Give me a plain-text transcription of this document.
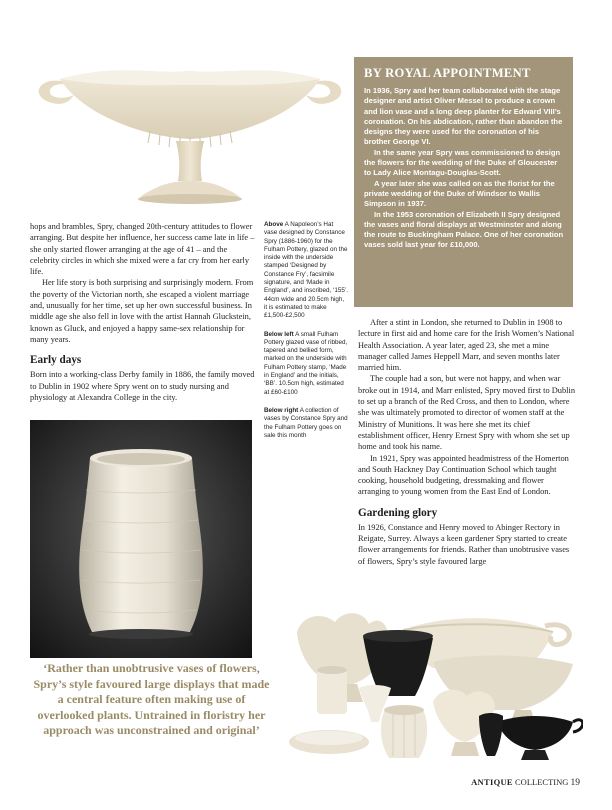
hops and brambles, Spry, changed 20th-century attitudes to flower arranging. But despite her influence, her success came late in life – she only started flower arranging at the age of 41 – and the celebrity circles in which she mixed were a far cry from her early life.

Her life story is both surprising and surprisingly modern. From the poverty of the Victorian north, she escaped a violent marriage and, unusually for her time, set up her own successful business. In middle age she also fell in love with the artist Hannah Gluckstein, known as Gluck, and enjoyed a happy same-sex relationship for many years.

Early days

Born into a working-class Derby family in 1886, the family moved to Dublin in 1902 where Spry went on to study nursing and physiology at Alexandra College in the city.

Above A Napoleon’s Hat vase designed by Constance Spry (1886-1960) for the Fulham Pottery, glazed on the inside with the underside stamped ‘Designed by Constance Fry’, facsimile signature, and ‘Made in England’, and inscribed, ‘155’. 44cm wide and 20.5cm high, it is estimated to make £1,500-£2,500

Below left A small Fulham Pottery glazed vase of ribbed, tapered and bellied form, marked on the underside with Fulham Pottery stamp, ‘Made in England’ and the initials, ‘BB’. 10.5cm high, estimated at £60-£100

Below right A collection of vases by Constance Spry and the Fulham Pottery goes on sale this month

BY ROYAL APPOINTMENT

In 1936, Spry and her team collaborated with the stage designer and artist Oliver Messel to produce a crown and lion vase and a long deep planter for Edward VIII’s coronation. On his abdication, rather than abandon the designs they were used for the coronation of his brother George VI.

In the same year Spry was commissioned to design the flowers for the wedding of the Duke of Gloucester to Lady Alice Montagu-Douglas-Scott.

A year later she was called on as the florist for the private wedding of the Duke of Windsor to Wallis Simpson in 1937.

In the 1953 coronation of Elizabeth II Spry designed the vases and floral displays at Westminster and along the route to Buckingham Palace. One of her coronation vases sold last year for £10,000.

After a stint in London, she returned to Dublin in 1908 to lecture in first aid and home care for the Irish Women’s National Health Association. A year later, aged 23, she met a mine manager called James Heppell Marr, and seven months later married him.

The couple had a son, but were not happy, and when war broke out in 1914, and Marr enlisted, Spry moved first to Dublin to set up a branch of the Red Cross, and then to London, where she was ultimately promoted to director of women staff at the Ministry of Munitions. It was here she met its chief establishment officer, Henry Ernest Spry with whom she set up home and took his name.

In 1921, Spry was appointed headmistress of the Homerton and South Hackney Day Continuation School which taught cooking, household budgeting, dressmaking and flower arranging to young women from the East End of London.

Gardening glory

In 1926, Constance and Henry moved to Abinger Rectory in Reigate, Surrey. Always a keen gardener Spry started to create flower arrangements for friends. Rather than unobtrusive vases of flowers, Spry’s style favoured large

‘Rather than unobtrusive vases of flowers, Spry’s style favoured large displays that made a central feature often making use of overlooked plants. Untrained in floristry her approach was unconstrained and original’
ANTIQUE COLLECTING 19
